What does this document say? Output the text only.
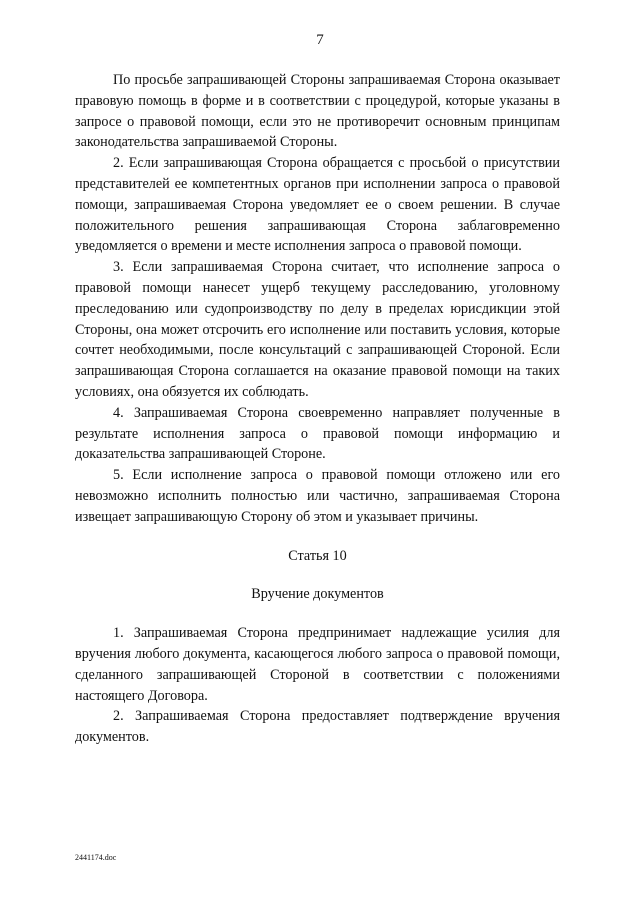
7

По просьбе запрашивающей Стороны запрашиваемая Сторона оказывает правовую помощь в форме и в соответствии с процедурой, которые указаны в запросе о правовой помощи, если это не противоречит основным принципам законодательства запрашиваемой Стороны.

2. Если запрашивающая Сторона обращается с просьбой о присутствии представителей ее компетентных органов при исполнении запроса о правовой помощи, запрашиваемая Сторона уведомляет ее о своем решении. В случае положительного решения запрашивающая Сторона заблаговременно уведомляется о времени и месте исполнения запроса о правовой помощи.

3. Если запрашиваемая Сторона считает, что исполнение запроса о правовой помощи нанесет ущерб текущему расследованию, уголовному преследованию или судопроизводству по делу в пределах юрисдикции этой Стороны, она может отсрочить его исполнение или поставить условия, которые сочтет необходимыми, после консультаций с запрашивающей Стороной. Если запрашивающая Сторона соглашается на оказание правовой помощи на таких условиях, она обязуется их соблюдать.

4. Запрашиваемая Сторона своевременно направляет полученные в результате исполнения запроса о правовой помощи информацию и доказательства запрашивающей Стороне.

5. Если исполнение запроса о правовой помощи отложено или его невозможно исполнить полностью или частично, запрашиваемая Сторона извещает запрашивающую Сторону об этом и указывает причины.

Статья 10

Вручение документов

1. Запрашиваемая Сторона предпринимает надлежащие усилия для вручения любого документа, касающегося любого запроса о правовой помощи, сделанного запрашивающей Стороной в соответствии с положениями настоящего Договора.

2. Запрашиваемая Сторона предоставляет подтверждение вручения документов.

2441174.doc
